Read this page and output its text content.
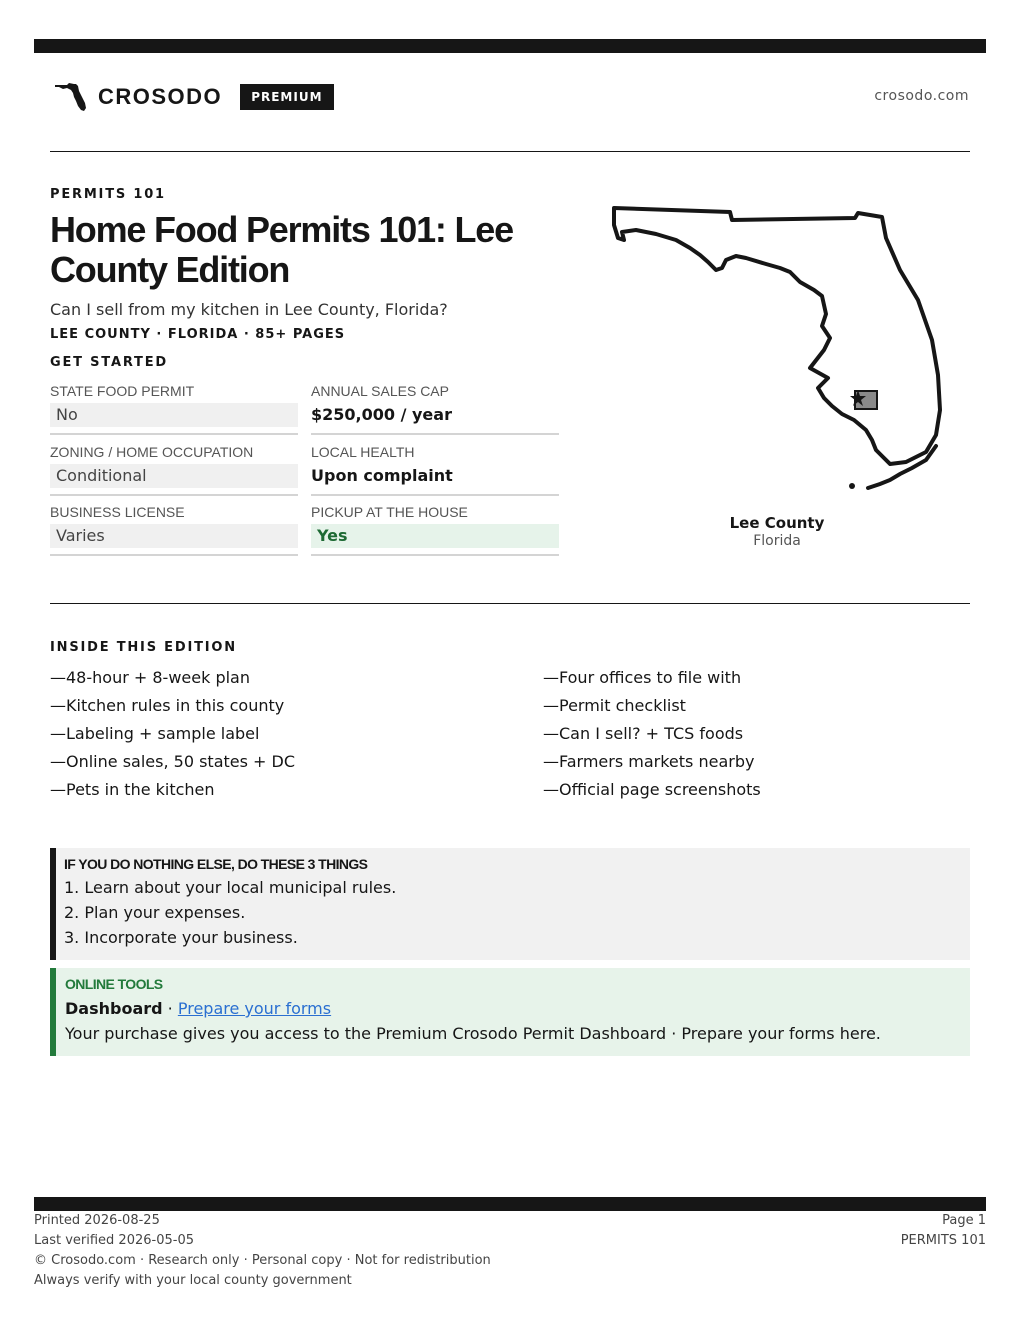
CROSODO	PREMIUM	crosodo.com
PERMITS 101
Home Food Permits 101: Lee County Edition
Can I sell from my kitchen in Lee County, Florida?
LEE COUNTY · FLORIDA · 85+ PAGES
GET STARTED
STATE FOOD PERMIT
No
ANNUAL SALES CAP
$250,000 / year
ZONING / HOME OCCUPATION
Conditional
LOCAL HEALTH
Upon complaint
BUSINESS LICENSE
Varies
PICKUP AT THE HOUSE
Yes
Lee County
Florida
INSIDE THIS EDITION
—48-hour + 8-week plan
—Kitchen rules in this county
—Labeling + sample label
—Online sales, 50 states + DC
—Pets in the kitchen
—Four offices to file with
—Permit checklist
—Can I sell? + TCS foods
—Farmers markets nearby
—Official page screenshots
IF YOU DO NOTHING ELSE, DO THESE 3 THINGS
1. Learn about your local municipal rules.
2. Plan your expenses.
3. Incorporate your business.
ONLINE TOOLS
Dashboard · Prepare your forms
Your purchase gives you access to the Premium Crosodo Permit Dashboard · Prepare your forms here.
Printed 2026-08-25
Last verified 2026-05-05
© Crosodo.com · Research only · Personal copy · Not for redistribution
Always verify with your local county government
Page 1
PERMITS 101
